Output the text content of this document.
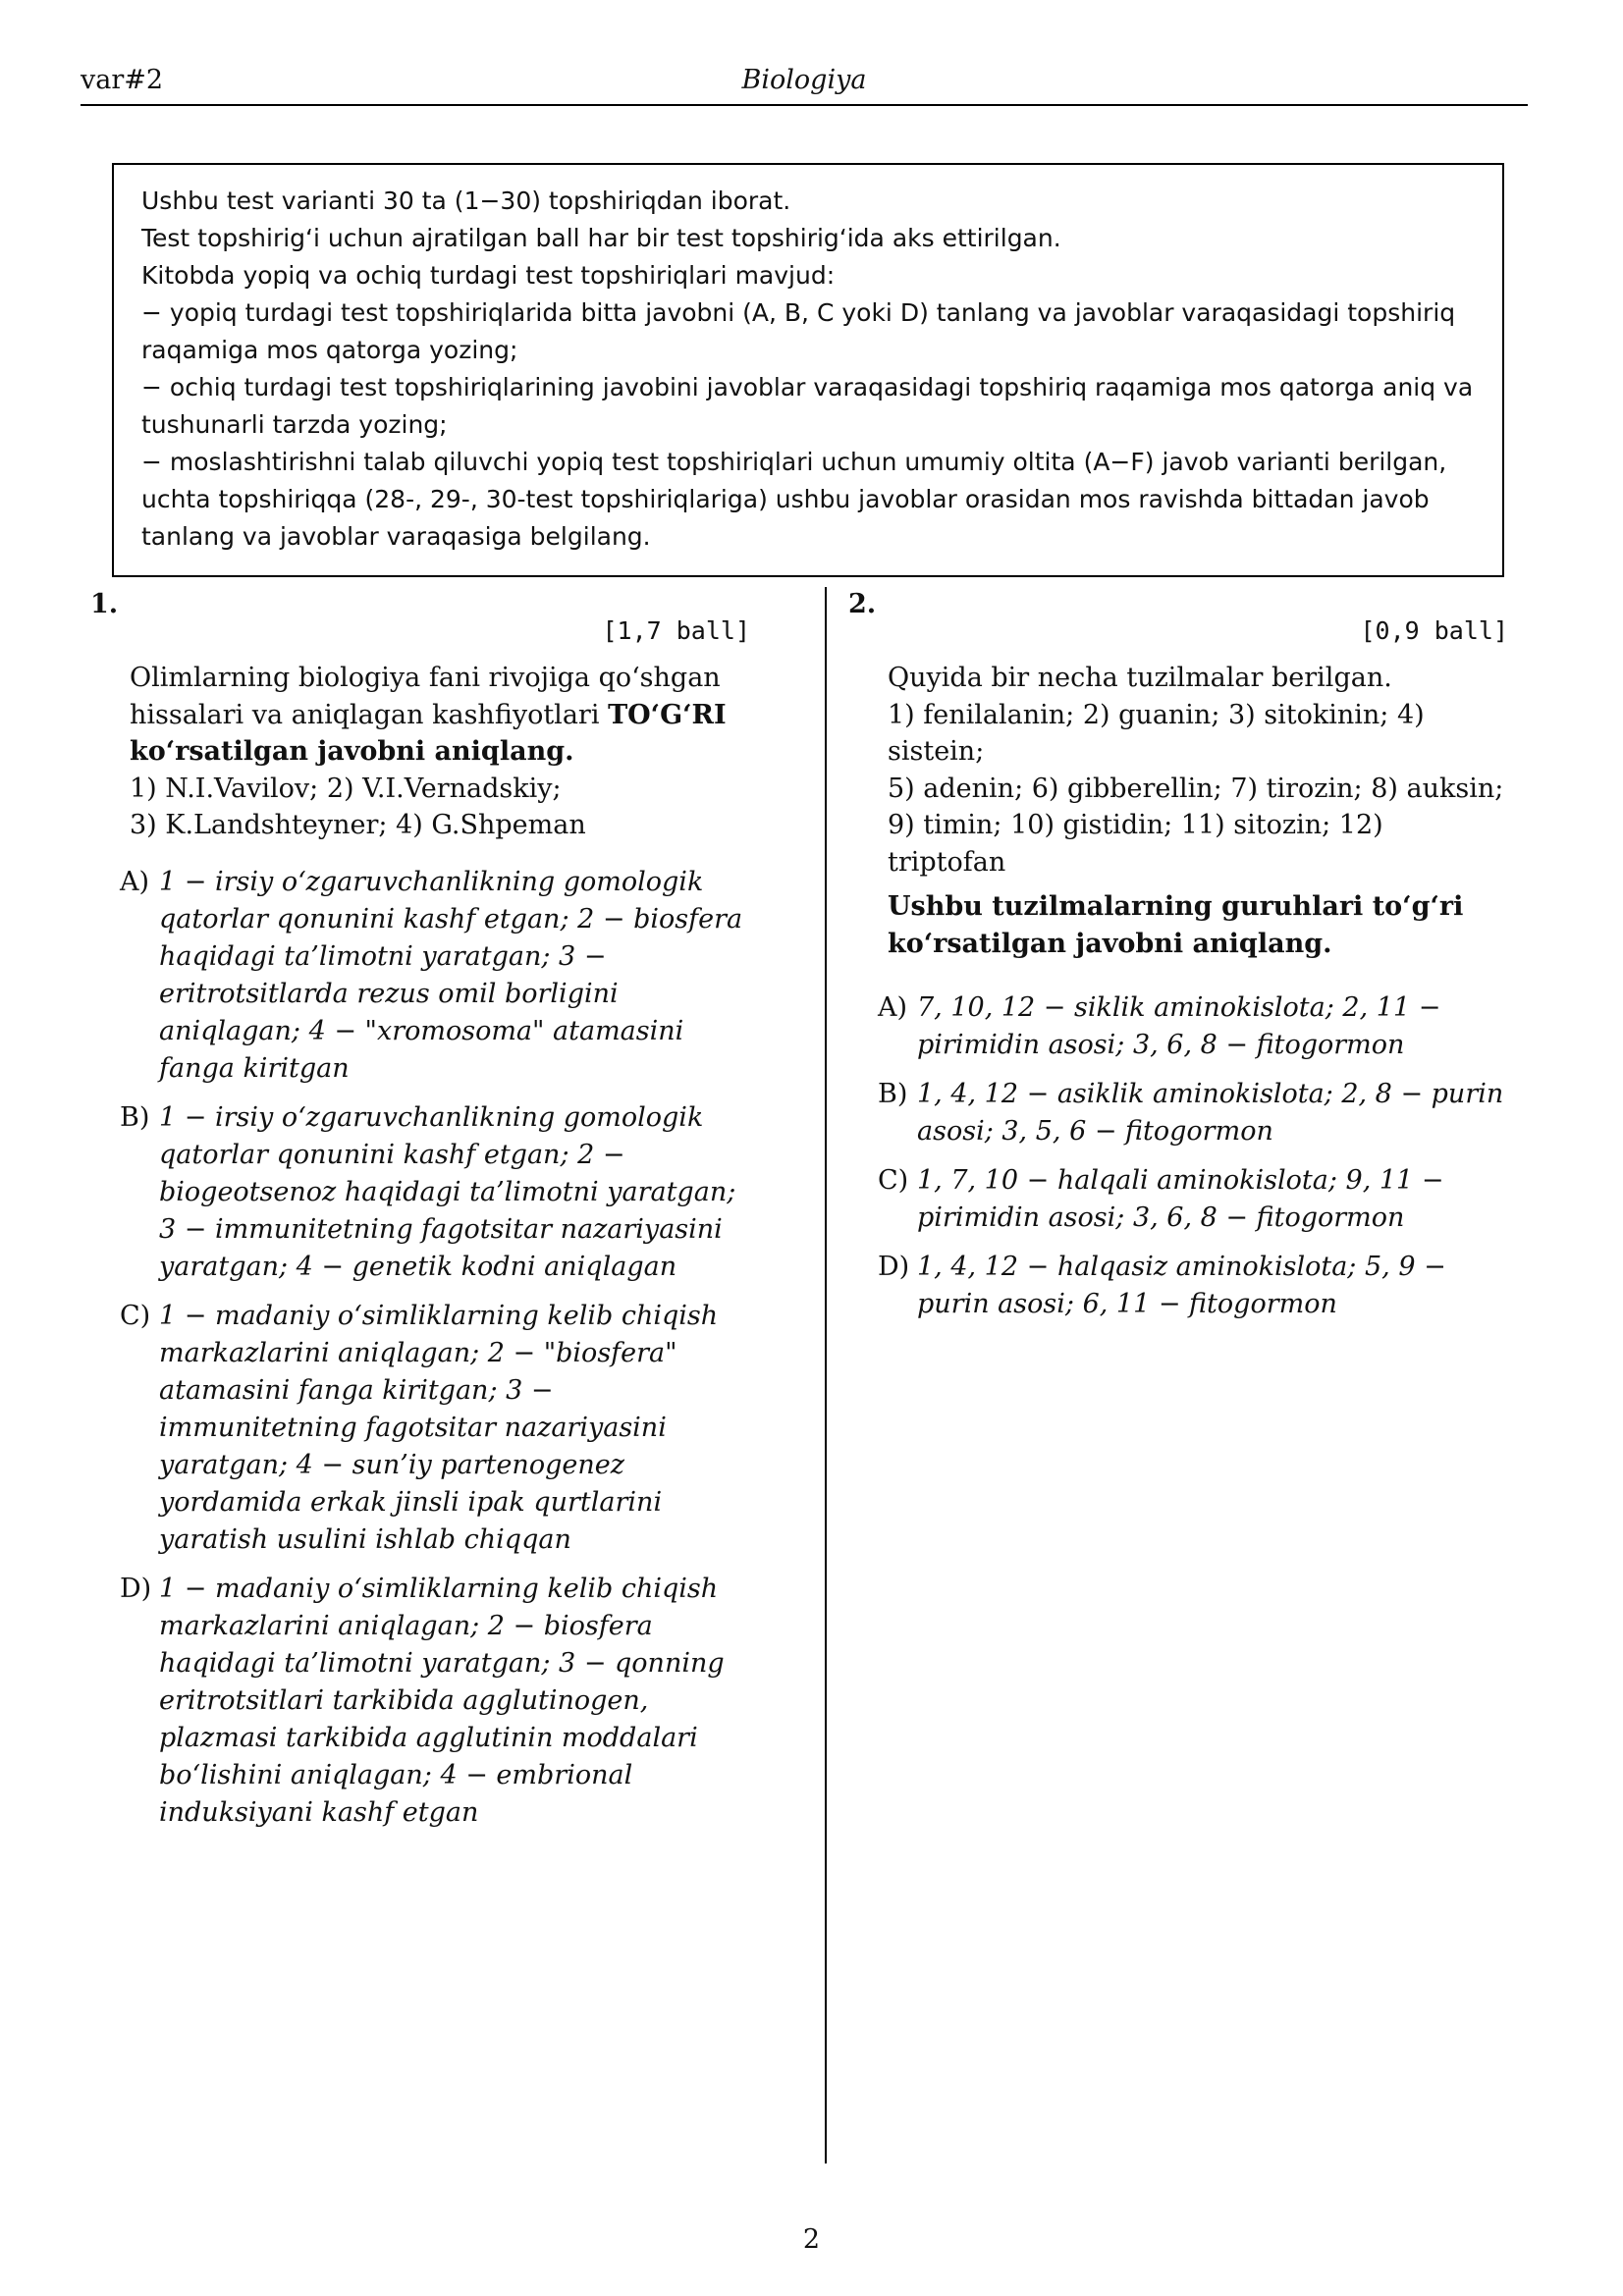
var#2	Biologiya

Ushbu test varianti 30 ta (1−30) topshiriqdan iborat.

Test topshirig‘i uchun ajratilgan ball har bir test topshirig‘ida aks ettirilgan.

Kitobda yopiq va ochiq turdagi test topshiriqlari mavjud:

− yopiq turdagi test topshiriqlarida bitta javobni (A, B, C yoki D) tanlang va javoblar varaqasidagi topshiriq raqamiga mos qatorga yozing;

− ochiq turdagi test topshiriqlarining javobini javoblar varaqasidagi topshiriq raqamiga mos qatorga aniq va tushunarli tarzda yozing;

− moslashtirishni talab qiluvchi yopiq test topshiriqlari uchun umumiy oltita (A−F) javob varianti berilgan, uchta topshiriqqa (28-, 29-, 30-test topshiriqlariga) ushbu javoblar orasidan mos ravishda bittadan javob tanlang va javoblar varaqasiga belgilang.

1.
[1,7 ball]

Olimlarning biologiya fani rivojiga qo‘shgan hissalari va aniqlagan kashfiyotlari TO‘G‘RI ko‘rsatilgan javobni aniqlang.

1) N.I.Vavilov; 2) V.I.Vernadskiy;

3) K.Landshteyner; 4) G.Shpeman

A) 1 − irsiy o‘zgaruvchanlikning gomologik qatorlar qonunini kashf etgan; 2 − biosfera haqidagi ta’limotni yaratgan; 3 − eritrotsitlarda rezus omil borligini aniqlagan; 4 − "xromosoma" atamasini fanga kiritgan
B) 1 − irsiy o‘zgaruvchanlikning gomologik qatorlar qonunini kashf etgan; 2 − biogeotsenoz haqidagi ta’limotni yaratgan; 3 − immunitetning fagotsitar nazariyasini yaratgan; 4 − genetik kodni aniqlagan
C) 1 − madaniy o‘simliklarning kelib chiqish markazlarini aniqlagan; 2 − "biosfera" atamasini fanga kiritgan; 3 − immunitetning fagotsitar nazariyasini yaratgan; 4 − sun’iy partenogenez yordamida erkak jinsli ipak qurtlarini yaratish usulini ishlab chiqqan
D) 1 − madaniy o‘simliklarning kelib chiqish markazlarini aniqlagan; 2 − biosfera haqidagi ta’limotni yaratgan; 3 − qonning eritrotsitlari tarkibida agglutinogen, plazmasi tarkibida agglutinin moddalari bo‘lishini aniqlagan; 4 − embrional induksiyani kashf etgan
2.
[0,9 ball]

Quyida bir necha tuzilmalar berilgan.

1) fenilalanin; 2) guanin; 3) sitokinin; 4) sistein;

5) adenin; 6) gibberellin; 7) tirozin; 8) auksin;

9) timin; 10) gistidin; 11) sitozin; 12) triptofan

Ushbu tuzilmalarning guruhlari to‘g‘ri ko‘rsatilgan javobni aniqlang.

A) 7, 10, 12 − siklik aminokislota; 2, 11 − pirimidin asosi; 3, 6, 8 − fitogormon
B) 1, 4, 12 − asiklik aminokislota; 2, 8 − purin asosi; 3, 5, 6 − fitogormon
C) 1, 7, 10 − halqali aminokislota; 9, 11 − pirimidin asosi; 3, 6, 8 − fitogormon
D) 1, 4, 12 − halqasiz aminokislota; 5, 9 − purin asosi; 6, 11 − fitogormon
2
